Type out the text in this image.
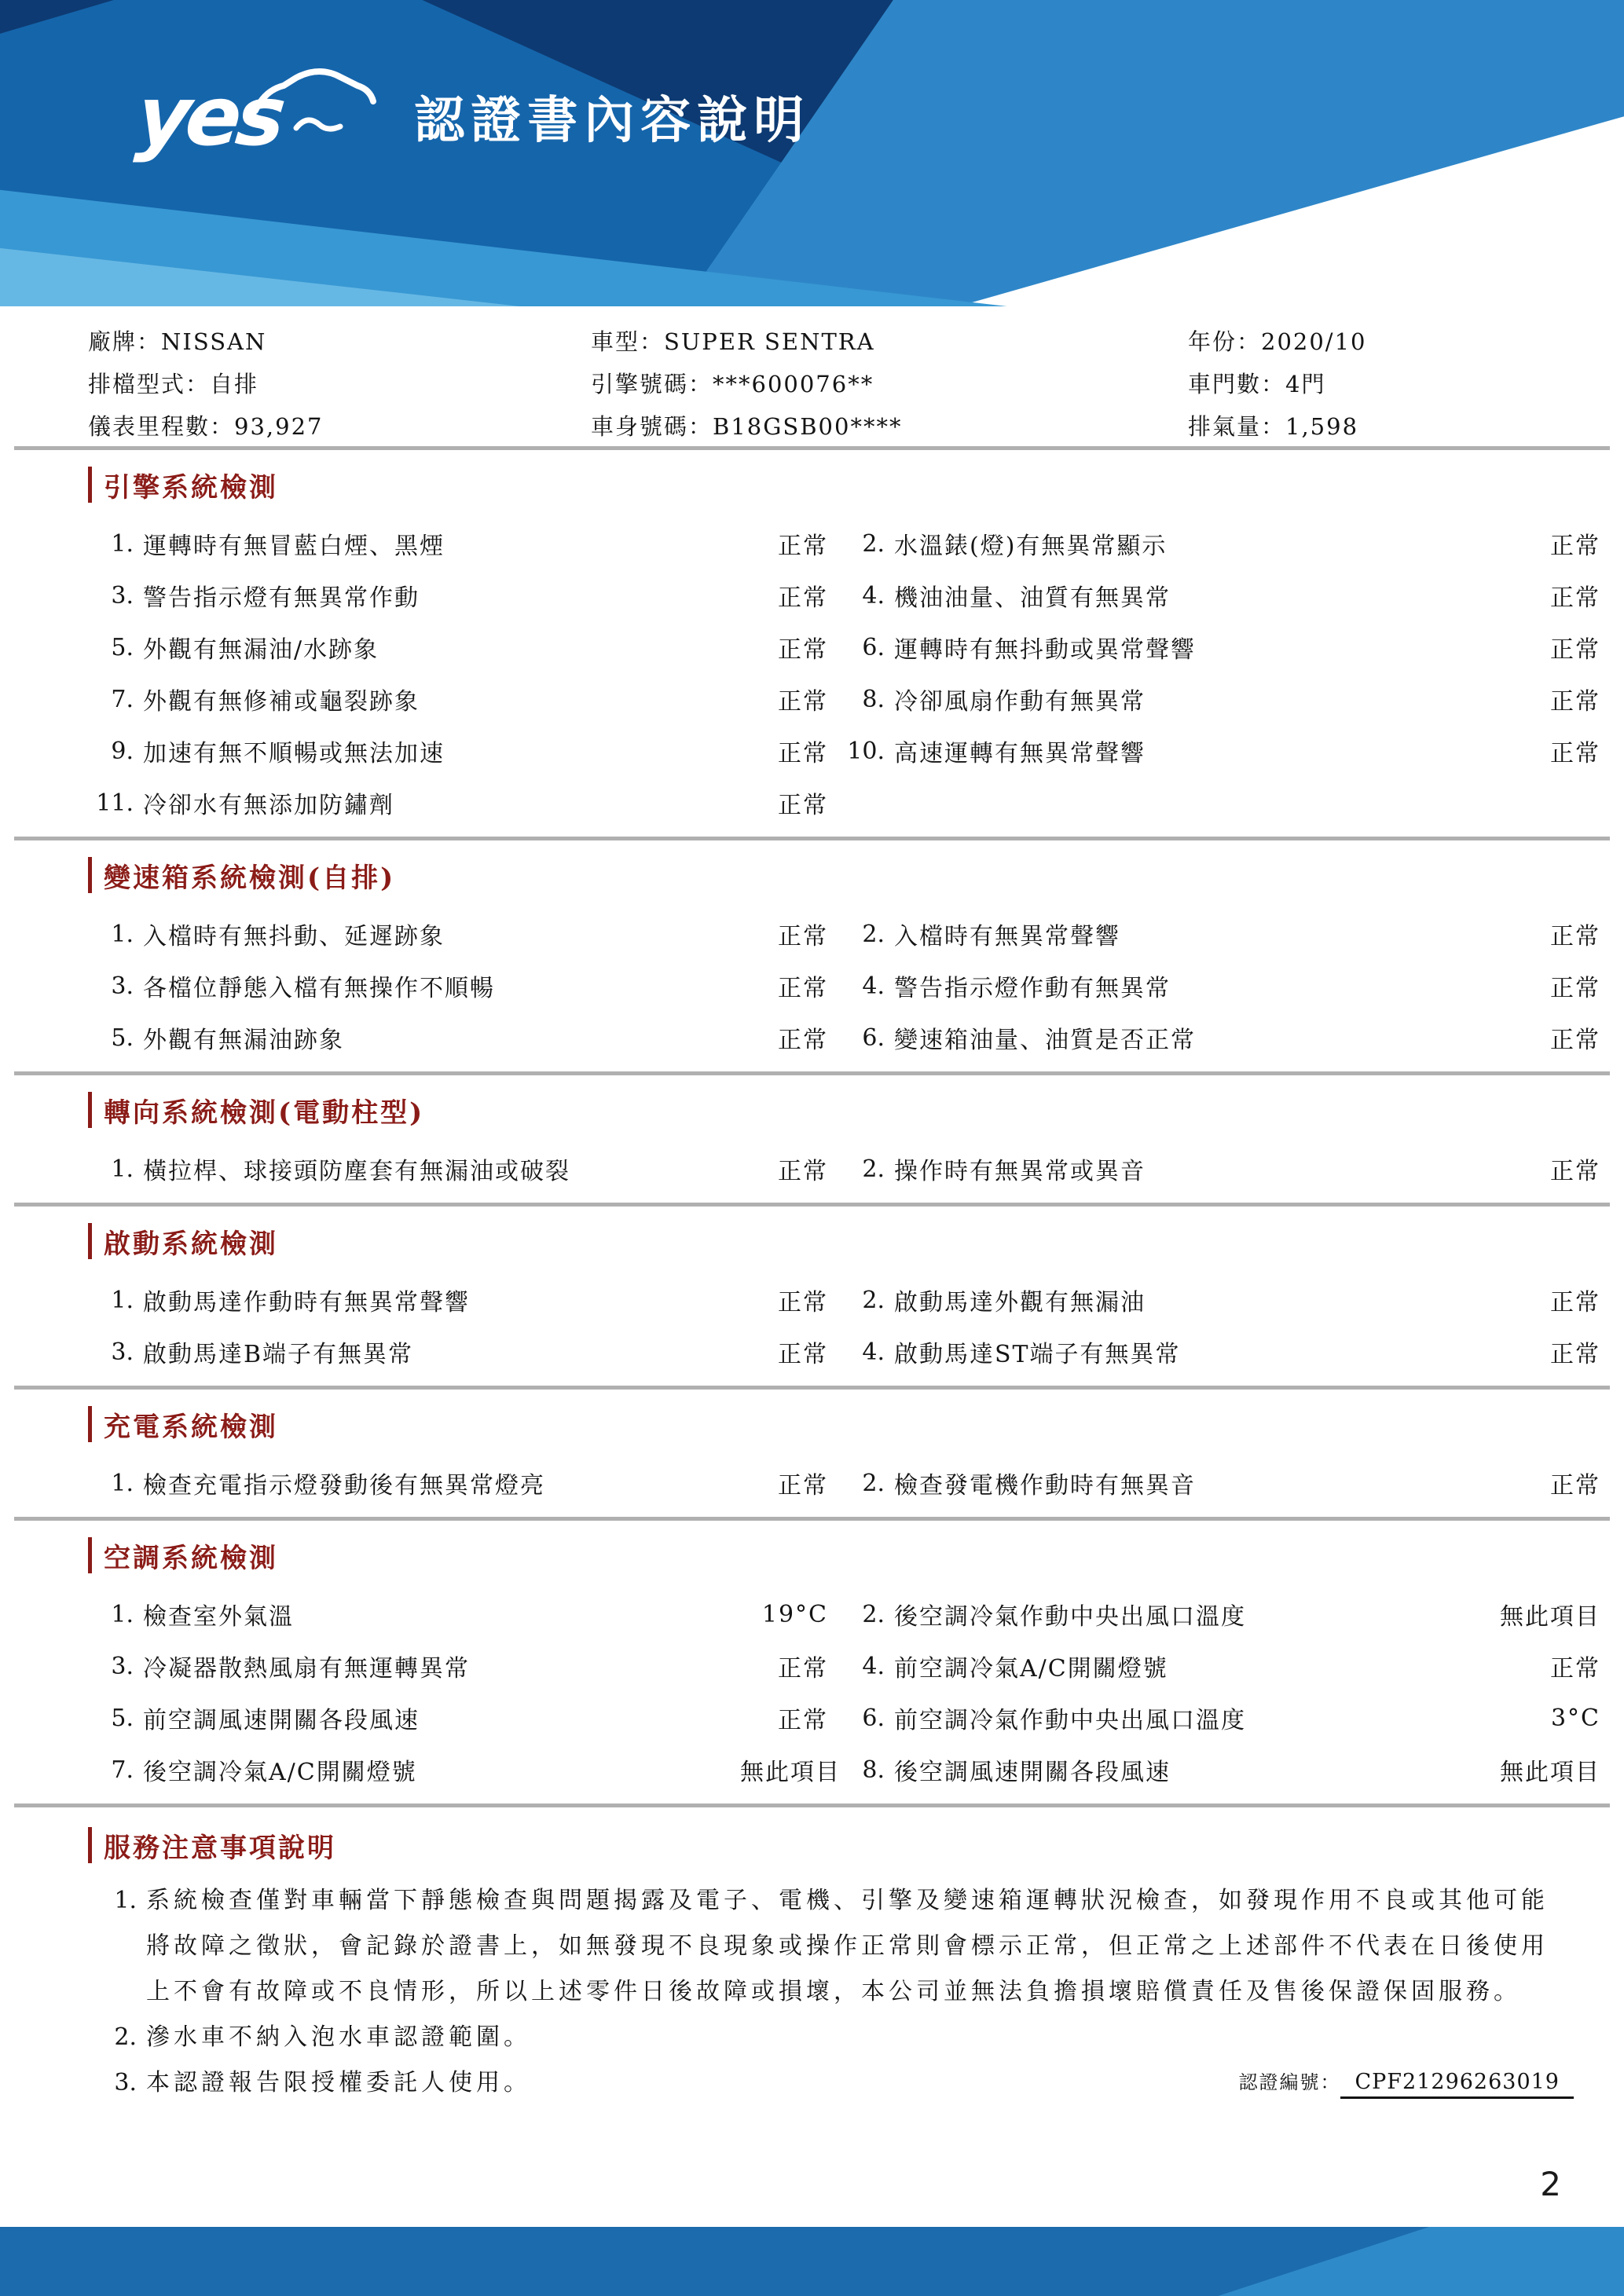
yes	認證書內容說明
廠牌：NISSAN	車型：SUPER SENTRA	年份：2020/10
排檔型式：自排	引擎號碼：***600076**	車門數：4門
儀表里程數：93,927	車身號碼：B18GSB00****	排氣量：1,598
引擎系統檢測
1. 運轉時有無冒藍白煙、黑煙	正常	2. 水溫錶(燈)有無異常顯示	正常
3. 警告指示燈有無異常作動	正常	4. 機油油量、油質有無異常	正常
5. 外觀有無漏油/水跡象	正常	6. 運轉時有無抖動或異常聲響	正常
7. 外觀有無修補或龜裂跡象	正常	8. 冷卻風扇作動有無異常	正常
9. 加速有無不順暢或無法加速	正常 10. 高速運轉有無異常聲響	正常
11. 冷卻水有無添加防鏽劑	正常
變速箱系統檢測(自排)
1. 入檔時有無抖動、延遲跡象	正常	2. 入檔時有無異常聲響	正常
3. 各檔位靜態入檔有無操作不順暢	正常	4. 警告指示燈作動有無異常	正常
5. 外觀有無漏油跡象	正常	6. 變速箱油量、油質是否正常	正常
轉向系統檢測(電動柱型)
1. 橫拉桿、球接頭防塵套有無漏油或破裂	正常	2. 操作時有無異常或異音	正常
啟動系統檢測
1. 啟動馬達作動時有無異常聲響	正常	2. 啟動馬達外觀有無漏油	正常
3. 啟動馬達B端子有無異常	正常	4. 啟動馬達ST端子有無異常	正常
充電系統檢測
1. 檢查充電指示燈發動後有無異常燈亮	正常	2. 檢查發電機作動時有無異音	正常
空調系統檢測
1. 檢查室外氣溫	19°C	2. 後空調冷氣作動中央出風口溫度	無此項目
3. 冷凝器散熱風扇有無運轉異常	正常	4. 前空調冷氣A/C開關燈號	正常
5. 前空調風速開關各段風速	正常	6. 前空調冷氣作動中央出風口溫度	3°C
7. 後空調冷氣A/C開關燈號	無此項目 8. 後空調風速開關各段風速	無此項目
服務注意事項說明
1. 系統檢查僅對車輛當下靜態檢查與問題揭露及電子、電機、引擎及變速箱運轉狀況檢查，如發現作用不良或其他可能將故障之徵狀，會記錄於證書上，如無發現不良現象或操作正常則會標示正常，但正常之上述部件不代表在日後使用上不會有故障或不良情形，所以上述零件日後故障或損壞，本公司並無法負擔損壞賠償責任及售後保證保固服務。
2. 滲水車不納入泡水車認證範圍。
3. 本認證報告限授權委託人使用。	認證編號： CPF21296263019
2
